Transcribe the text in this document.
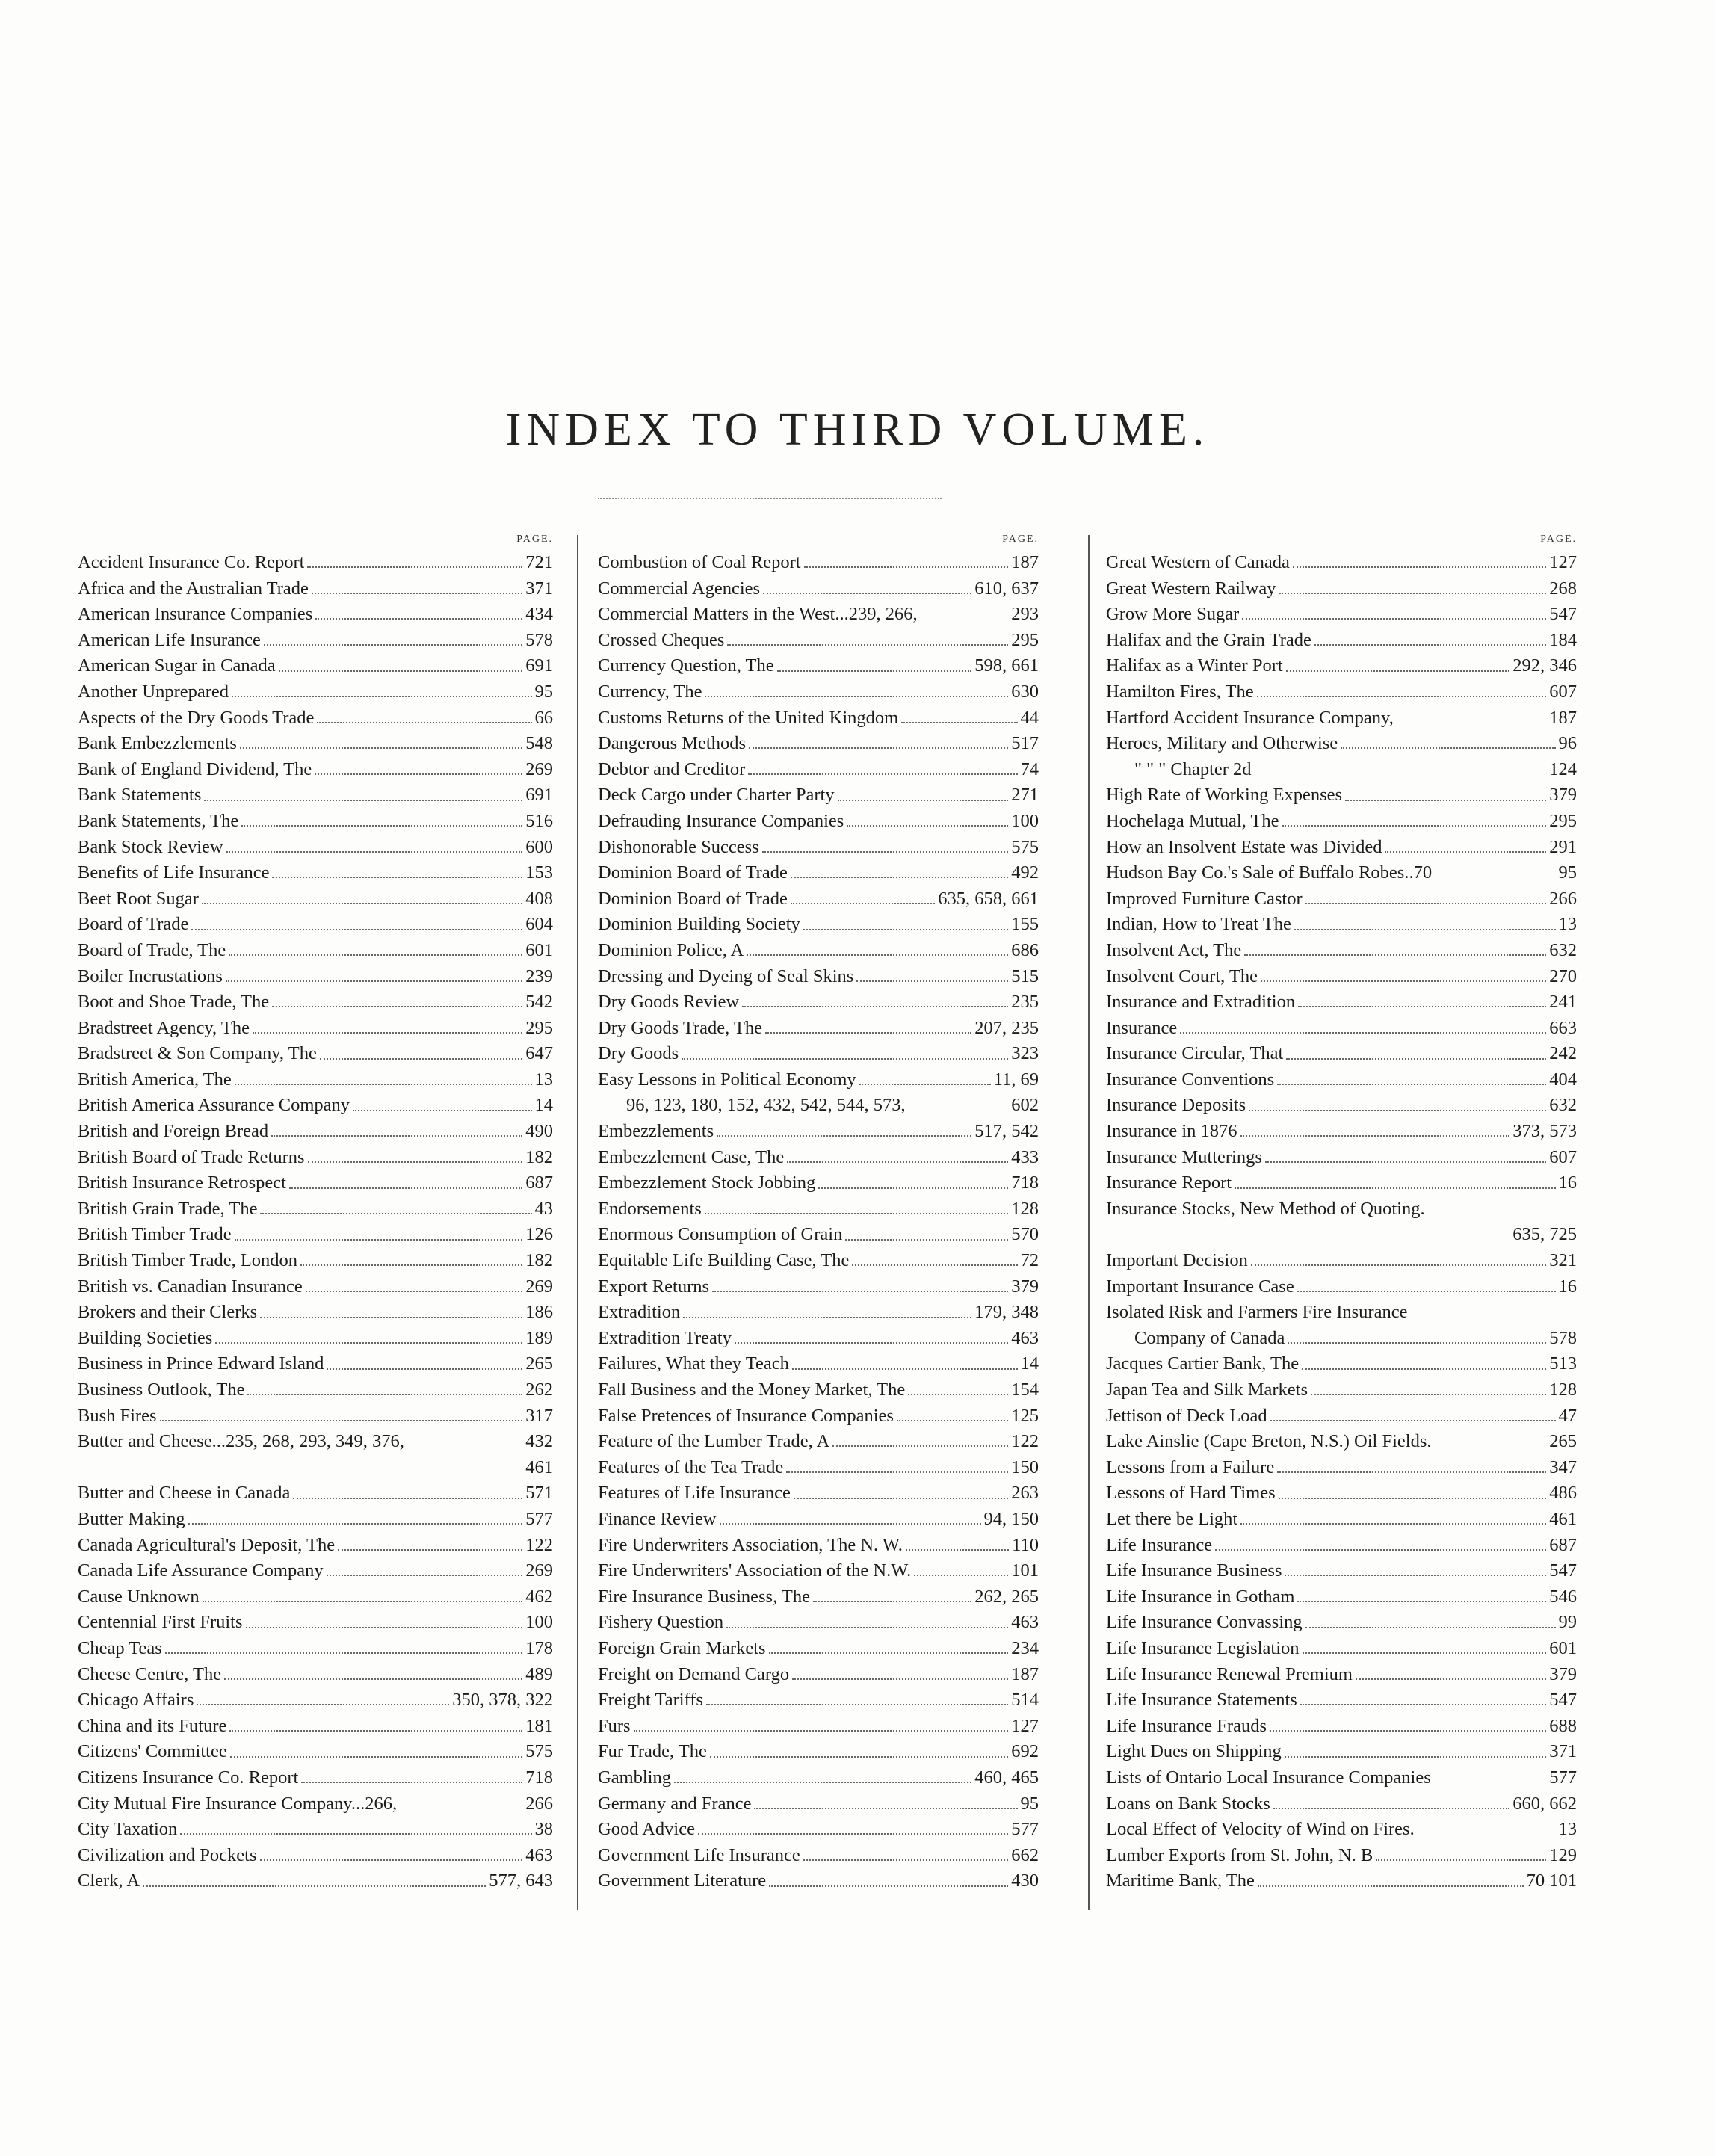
INDEX TO THIRD VOLUME.
PAGE.
Accident Insurance Co. Report	721
Africa and the Australian Trade	371
American Insurance Companies	434
American Life Insurance	578
American Sugar in Canada	691
Another Unprepared	95
Aspects of the Dry Goods Trade	66
Bank Embezzlements	548
Bank of England Dividend, The	269
Bank Statements	691
Bank Statements, The	516
Bank Stock Review	600
Benefits of Life Insurance	153
Beet Root Sugar	408
Board of Trade	604
Board of Trade, The	601
Boiler Incrustations	239
Boot and Shoe Trade, The	542
Bradstreet Agency, The	295
Bradstreet & Son Company, The	647
British America, The	13
British America Assurance Company	14
British and Foreign Bread	490
British Board of Trade Returns	182
British Insurance Retrospect	687
British Grain Trade, The	43
British Timber Trade	126
British Timber Trade, London	182
British vs. Canadian Insurance	269
Brokers and their Clerks	186
Building Societies	189
Business in Prince Edward Island	265
Business Outlook, The	262
Bush Fires	317
Butter and Cheese...235, 268, 293, 349, 376,	432
461
Butter and Cheese in Canada	571
Butter Making	577
Canada Agricultural's Deposit, The	122
Canada Life Assurance Company	269
Cause Unknown	462
Centennial First Fruits	100
Cheap Teas	178
Cheese Centre, The	489
Chicago Affairs	350, 378, 322
China and its Future	181
Citizens' Committee	575
Citizens Insurance Co. Report	718
City Mutual Fire Insurance Company...266,	266
City Taxation	38
Civilization and Pockets	463
Clerk, A	577, 643
PAGE.
Combustion of Coal Report	187
Commercial Agencies	610, 637
Commercial Matters in the West...239, 266,	293
Crossed Cheques	295
Currency Question, The	598, 661
Currency, The	630
Customs Returns of the United Kingdom	44
Dangerous Methods	517
Debtor and Creditor	74
Deck Cargo under Charter Party	271
Defrauding Insurance Companies	100
Dishonorable Success	575
Dominion Board of Trade	492
Dominion Board of Trade	635, 658, 661
Dominion Building Society	155
Dominion Police, A	686
Dressing and Dyeing of Seal Skins	515
Dry Goods Review	235
Dry Goods Trade, The	207, 235
Dry Goods	323
Easy Lessons in Political Economy	11, 69
96, 123, 180, 152, 432, 542, 544, 573,	602
Embezzlements	517, 542
Embezzlement Case, The	433
Embezzlement Stock Jobbing	718
Endorsements	128
Enormous Consumption of Grain	570
Equitable Life Building Case, The	72
Export Returns	379
Extradition	179, 348
Extradition Treaty	463
Failures, What they Teach	14
Fall Business and the Money Market, The	154
False Pretences of Insurance Companies	125
Feature of the Lumber Trade, A	122
Features of the Tea Trade	150
Features of Life Insurance	263
Finance Review	94, 150
Fire Underwriters Association, The N. W.	110
Fire Underwriters' Association of the N.W.	101
Fire Insurance Business, The	262, 265
Fishery Question	463
Foreign Grain Markets	234
Freight on Demand Cargo	187
Freight Tariffs	514
Furs	127
Fur Trade, The	692
Gambling	460, 465
Germany and France	95
Good Advice	577
Government Life Insurance	662
Government Literature	430
PAGE.
Great Western of Canada	127
Great Western Railway	268
Grow More Sugar	547
Halifax and the Grain Trade	184
Halifax as a Winter Port	292, 346
Hamilton Fires, The	607
Hartford Accident Insurance Company,	187
Heroes, Military and Otherwise	96
" " " Chapter 2d	124
High Rate of Working Expenses	379
Hochelaga Mutual, The	295
How an Insolvent Estate was Divided	291
Hudson Bay Co.'s Sale of Buffalo Robes..70	95
Improved Furniture Castor	266
Indian, How to Treat The	13
Insolvent Act, The	632
Insolvent Court, The	270
Insurance and Extradition	241
Insurance	663
Insurance Circular, That	242
Insurance Conventions	404
Insurance Deposits	632
Insurance in 1876	373, 573
Insurance Mutterings	607
Insurance Report	16
Insurance Stocks, New Method of Quoting.
635, 725
Important Decision	321
Important Insurance Case	16
Isolated Risk and Farmers Fire Insurance
Company of Canada	578
Jacques Cartier Bank, The	513
Japan Tea and Silk Markets	128
Jettison of Deck Load	47
Lake Ainslie (Cape Breton, N.S.) Oil Fields.	265
Lessons from a Failure	347
Lessons of Hard Times	486
Let there be Light	461
Life Insurance	687
Life Insurance Business	547
Life Insurance in Gotham	546
Life Insurance Convassing	99
Life Insurance Legislation	601
Life Insurance Renewal Premium	379
Life Insurance Statements	547
Life Insurance Frauds	688
Light Dues on Shipping	371
Lists of Ontario Local Insurance Companies	577
Loans on Bank Stocks	660, 662
Local Effect of Velocity of Wind on Fires.	13
Lumber Exports from St. John, N. B	129
Maritime Bank, The	70 101
